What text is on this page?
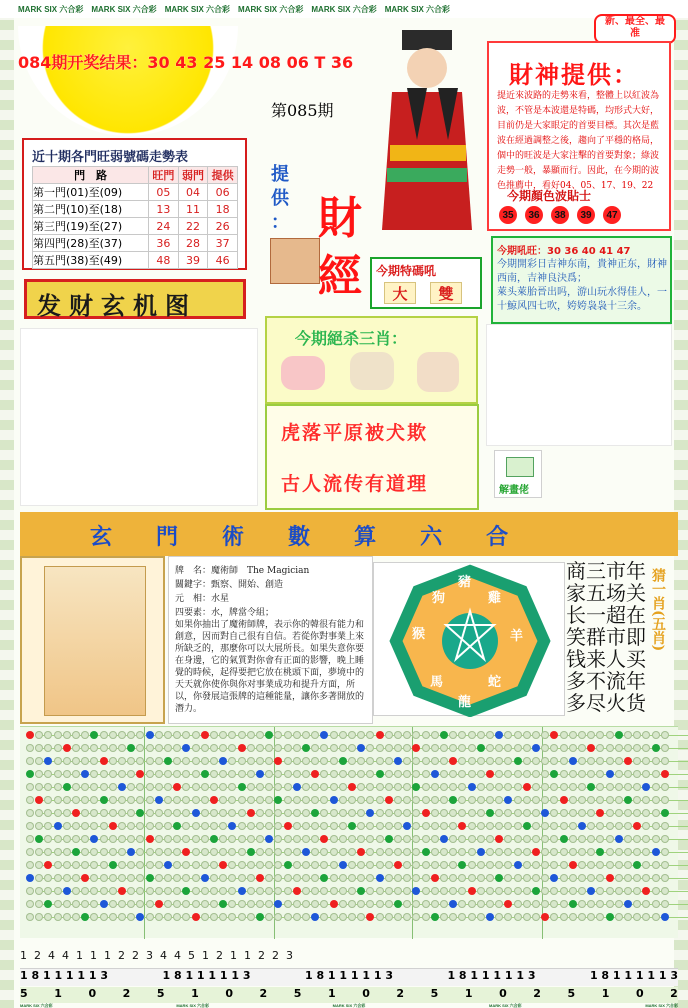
MARK SIX 六合彩 MARK SIX 六合彩 MARK SIX 六合彩 MARK SIX 六合彩 MARK SIX 六合彩 MARK SIX 六合彩
084期开奖结果：30 43 25 14 08 06 T 36
第085期
新、最全、最
准
財神提供：
提近來波路的走勢來看，整體上以紅波為波，不管是本波還是特碼，均形式大好，目前仍是大家眼定的首要目標。其次是藍波在經過調整之後，趨向了平穩的格局，個中的旺波是大家注擊的首要對象；綠波走勢一般，暴顯而行。因此，在今期的波色推薦中，看好04、05、17、19、22
今期顏色波貼士
35	36	38	39	47
今期吼旺：30 36 40 41 47
今期開彩日吉神东南，貴神正东，財神西南，吉神良決爲；
萊头萊胎晉出吗，游山玩水得佳人，一十鯨风四七吹，姱姱袅袅十三余。
近十期各門旺弱號碼走勢表
門　路	旺門	弱門	提供
第一門(01)至(09)	05	04	06
第二門(10)至(18)	13	11	18
第三門(19)至(27)	24	22	26
第四門(28)至(37)	36	28	37
第五門(38)至(49)	48	39	46
发财玄机图
提
供
： 財
經 今期特碼吼
大	雙
今期絕杀三肖：
虎落平原被犬欺
古人流传有道理	解畫佬
玄 門 術 數 算 六 合
牌　名：魔術師　The Magician
關鍵字：甄察、開始、創造
元　相：水星
四要素：水，牌當令組；
如果你抽出了魔術師牌，表示你的韓很有能力和創意，因而對自己很有自信。若從你對事業上來所缺乏的，那麼你可以大展所長。如果失意你要在身邊，它的氣質對你會有正面的影響，晚上睡覺的時候，起得要把它放在桃頭下面，夢境中的天天就你使你與你对事業成功和提升方面，所以，你發展這張牌的這種能量，讓你多著開放的潛力。
豬
狗	雞
猴	羊
馬	蛇
龍
商三市年
家五场关
长一超在
笑群市即
钱来人买
多不流年
多尽火货
猜一肖(五肖)
1 2 4 4 1 1 1 2 2 3 4 4 5 1 2 1 1 2 2 3
1 8 1 1 1 1 1 3	1 8 1 1 1 1 1 3	1 8 1 1 1 1 1 3	1 8 1 1 1 1 1 3	1 8 1 1 1 1 1 3
5 1 0 2 5 1 0 2 5 1 0 2 5 1 0 2 5 1 0 2
MARK SIX 六合彩	MARK SIX 六合彩	MARK SIX 六合彩	MARK SIX 六合彩	MARK SIX 六合彩
